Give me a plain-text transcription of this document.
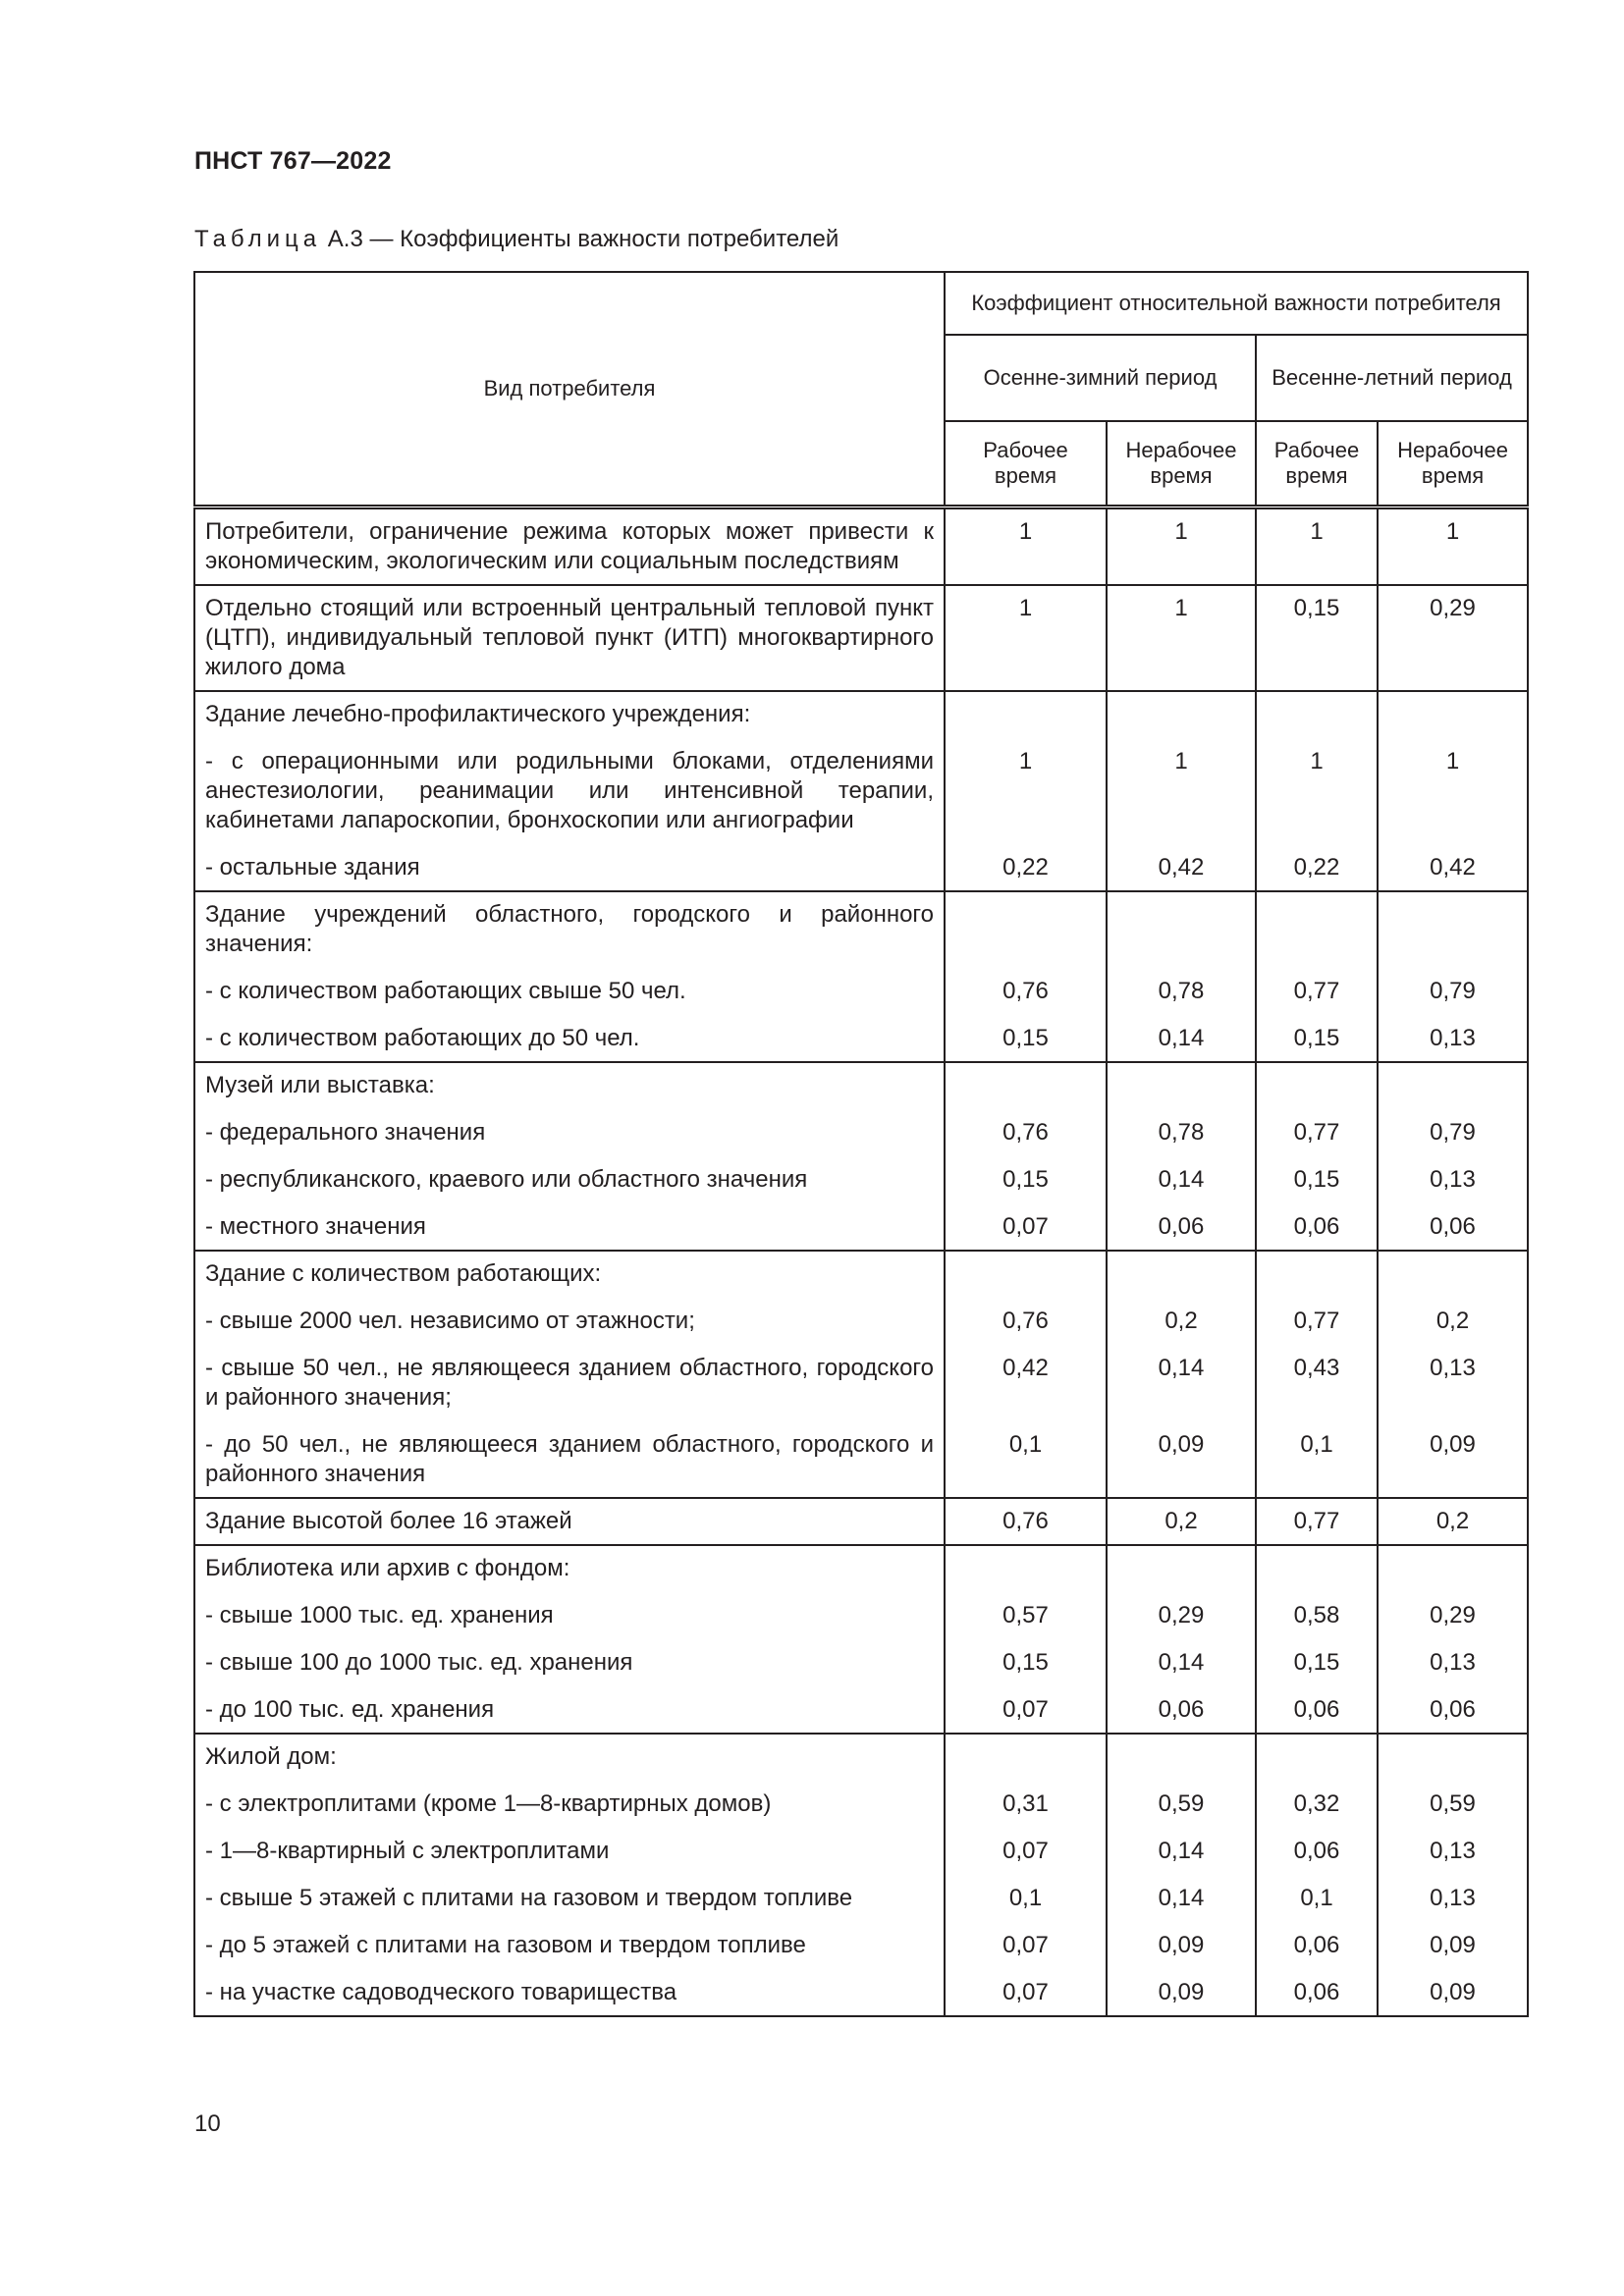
ПНСТ 767—2022
Таблица А.3 — Коэффициенты важности потребителей
Вид потребителя	Коэффициент относительной важности потребителя			
	Осенне-зимний период		Весенне-летний период	
	Рабочее время	Нерабочее время	Рабочее время	Нерабочее время
Потребители, ограничение режима которых может привести к экономическим, экологическим или социальным последствиям	1	1	1	1
Отдельно стоящий или встроенный центральный тепловой пункт (ЦТП), индивидуальный тепловой пункт (ИТП) многоквартирного жилого дома	1	1	0,15	0,29
Здание лечебно-профилактического учреждения:				
- с операционными или родильными блоками, отделениями анестезиологии, реанимации или интенсивной терапии, кабинетами лапароскопии, бронхоскопии или ангиографии	1	1	1	1
- остальные здания	0,22	0,42	0,22	0,42
Здание учреждений областного, городского и районного значения:				
- с количеством работающих свыше 50 чел.	0,76	0,78	0,77	0,79
- с количеством работающих до 50 чел.	0,15	0,14	0,15	0,13
Музей или выставка:				
- федерального значения	0,76	0,78	0,77	0,79
- республиканского, краевого или областного значения	0,15	0,14	0,15	0,13
- местного значения	0,07	0,06	0,06	0,06
Здание с количеством работающих:				
- свыше 2000 чел. независимо от этажности;	0,76	0,2	0,77	0,2
- свыше 50 чел., не являющееся зданием областного, городского и районного значения;	0,42	0,14	0,43	0,13
- до 50 чел., не являющееся зданием областного, городского и районного значения	0,1	0,09	0,1	0,09
Здание высотой более 16 этажей	0,76	0,2	0,77	0,2
Библиотека или архив с фондом:				
- свыше 1000 тыс. ед. хранения	0,57	0,29	0,58	0,29
- свыше 100 до 1000 тыс. ед. хранения	0,15	0,14	0,15	0,13
- до 100 тыс. ед. хранения	0,07	0,06	0,06	0,06
Жилой дом:				
- с электроплитами (кроме 1—8-квартирных домов)	0,31	0,59	0,32	0,59
- 1—8-квартирный с электроплитами	0,07	0,14	0,06	0,13
- свыше 5 этажей с плитами на газовом и твердом топливе	0,1	0,14	0,1	0,13
- до 5 этажей с плитами на газовом и твердом топливе	0,07	0,09	0,06	0,09
- на участке садоводческого товарищества	0,07	0,09	0,06	0,09
10
